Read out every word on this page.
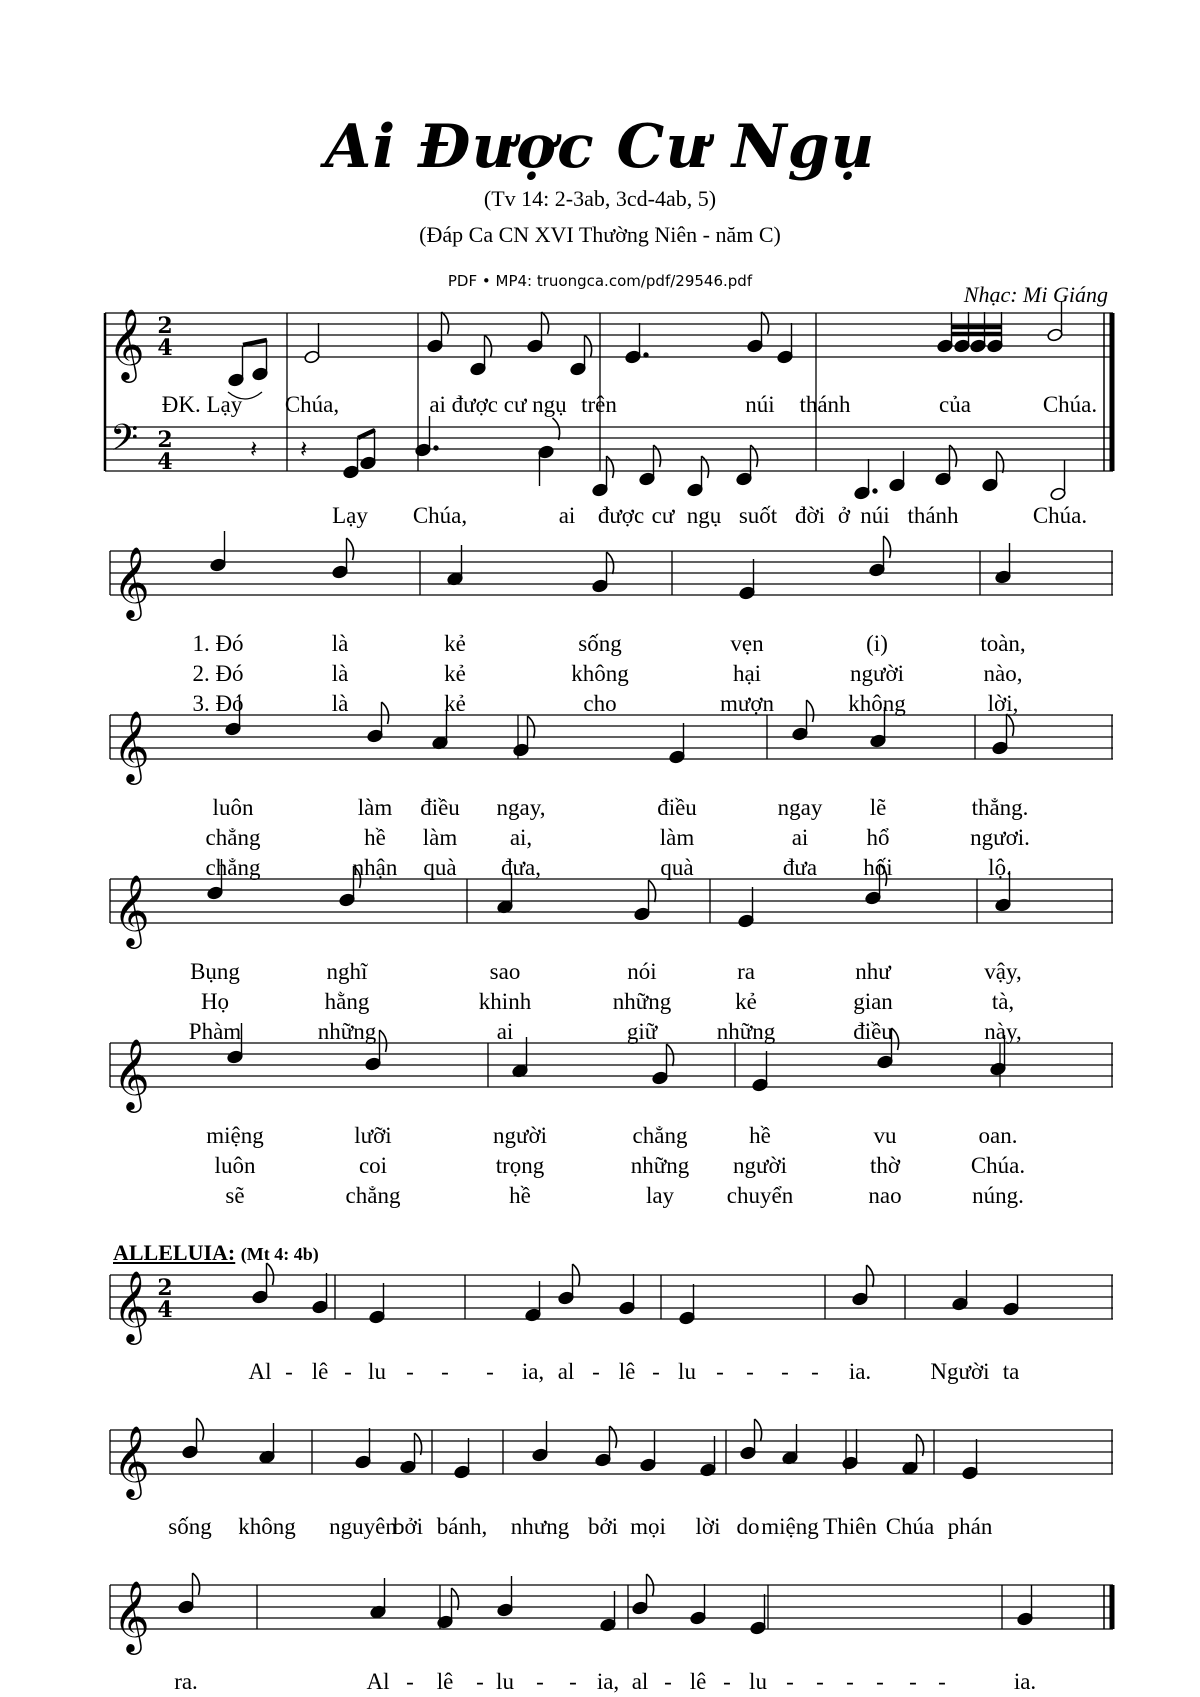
Ai Được Cư Ngụ
(Tv 14: 2-3ab, 3cd-4ab, 5)
(Đáp Ca CN XVI Thường Niên - năm C)
PDF • MP4: truongca.com/pdf/29546.pdf
Nhạc: Mi Giáng
ALLELUIA: (Mt 4: 4b)
𝄞
𝄢
2
4
2
4
𝄞
𝄞
𝄞
𝄞
𝄞 2
4
𝄞
𝄞
𝄽 𝄽
ĐK. Lạy Chúa,	ai được cư ngụ trên	núi thánh	của	Chúa.
Lạy Chúa,	ai được cư ngụ suốt đời ở núi thánh	Chúa.
1. Đó	là	kẻ	sống	vẹn	(i)	toàn,
2. Đó	là	kẻ	không	hại	người	nào,
3. Đó	là	kẻ	cho	mượn	không	lời,
luôn	làm điều ngay,	điều	ngay lẽ	thẳng.
chẳng	hề làm ai,	làm	ai	hổ	ngươi.
chẳng	nhận quà đưa,	quà	đưa hối	lộ.
Bụng	nghĩ	sao	nói	ra	như	vậy,
Họ	hằng	khinh	những	kẻ	gian	tà,
Phàm	những	ai	giữ	những	điều	này,
miệng	lưỡi	người	chẳng	hề	vu	oan.
luôn	coi	trọng	những người	thờ	Chúa.
sẽ	chẳng	hề	lay chuyển	nao	núng.
Al - lê - lu - - - ia, al - lê - lu - - - - ia.	Người ta
sống không nguyên
bởi bánh, nhưng bởi mọi lời do miệng Thiên Chúa phán
ra.	Al - lê - lu - - ia, al - lê - lu - - - - - -	ia.
